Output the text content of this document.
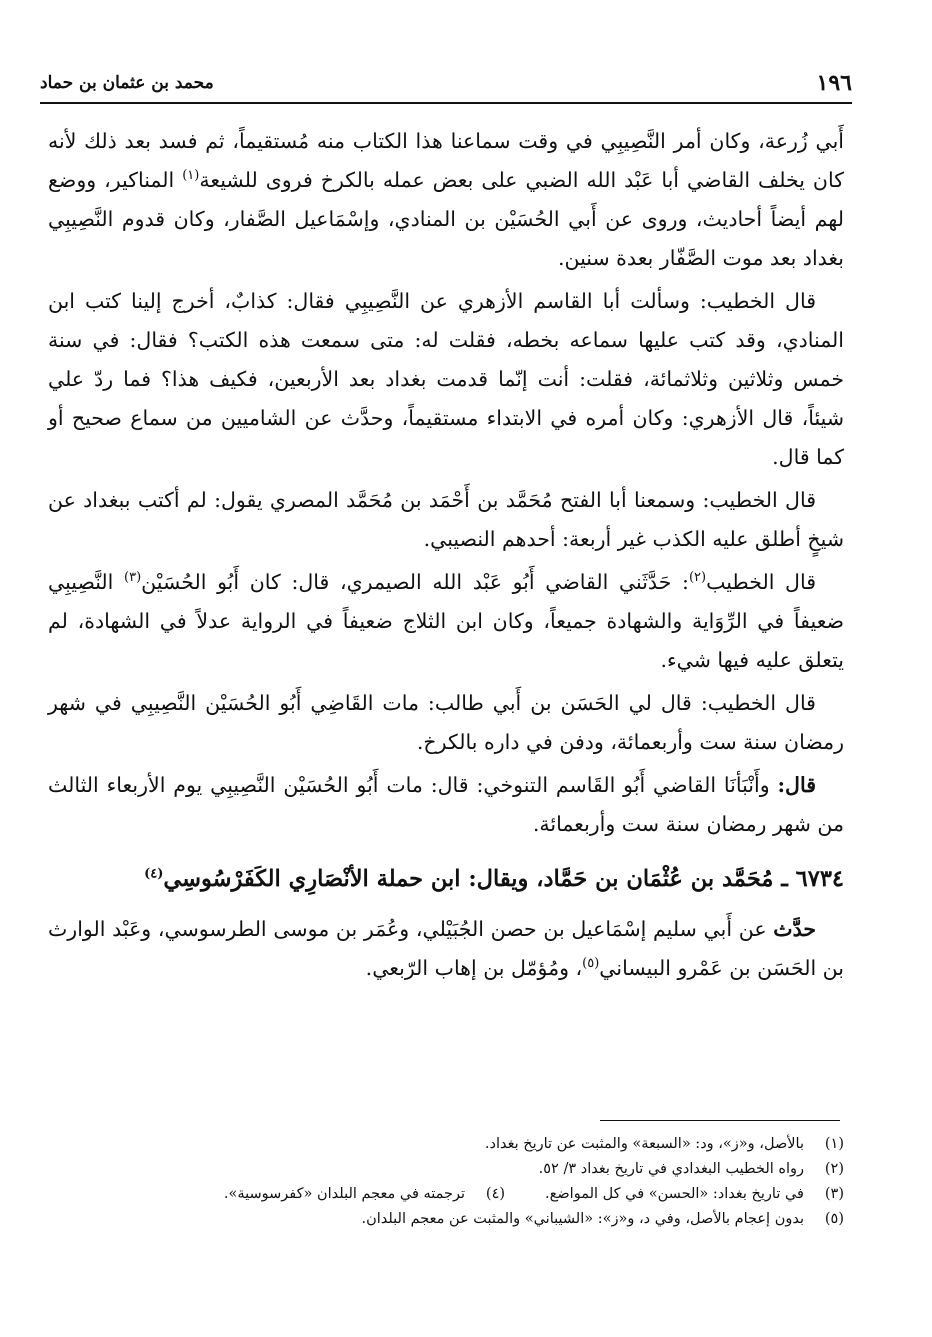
١٩٦
محمد بن عثمان بن حماد

أَبي زُرعة، وكان أمر النَّصِيبِي في وقت سماعنا هذا الكتاب منه مُستقيماً، ثم فسد بعد ذلك لأنه كان يخلف القاضي أبا عَبْد الله الضبي على بعض عمله بالكرخ فروى للشيعة$^{(١)}$ المناكير، ووضع لهم أيضاً أحاديث، وروى عن أَبي الحُسَيْن بن المنادي، وإسْمَاعيل الصَّفار، وكان قدوم النَّصِيبِي بغداد بعد موت الصَّفّار بعدة سنين.

قال الخطيب: وسألت أبا القاسم الأزهري عن النَّصِيبِي فقال: كذابٌ، أخرج إلينا كتب ابن المنادي، وقد كتب عليها سماعه بخطه، فقلت له: متى سمعت هذه الكتب؟ فقال: في سنة خمس وثلاثين وثلاثمائة، فقلت: أنت إنّما قدمت بغداد بعد الأربعين، فكيف هذا؟ فما ردّ علي شيئاً، قال الأزهري: وكان أمره في الابتداء مستقيماً، وحدَّث عن الشاميين من سماع صحيح أو كما قال.

قال الخطيب: وسمعنا أبا الفتح مُحَمَّد بن أَحْمَد بن مُحَمَّد المصري يقول: لم أكتب ببغداد عن شيخٍ أطلق عليه الكذب غير أربعة: أحدهم النصيبي.

قال الخطيب$^{(٢)}$: حَدَّثَني القاضي أَبُو عَبْد الله الصيمري، قال: كان أَبُو الحُسَيْن$^{(٣)}$ النَّصِيبِي ضعيفاً في الرِّوَاية والشهادة جميعاً، وكان ابن الثلاج ضعيفاً في الرواية عدلاً في الشهادة، لم يتعلق عليه فيها شيء.

قال الخطيب: قال لي الحَسَن بن أَبي طالب: مات القَاضِي أَبُو الحُسَيْن النَّصِيبِي في شهر رمضان سنة ست وأربعمائة، ودفن في داره بالكرخ.

قال: وأَنْبَأنَا القاضي أَبُو القَاسم التنوخي: قال: مات أَبُو الحُسَيْن النَّصِيبِي يوم الأربعاء الثالث من شهر رمضان سنة ست وأربعمائة.

٦٧٣٤ ـ مُحَمَّد بن عُثْمَان بن حَمَّاد، ويقال: ابن حملة الأنْصَارِي الكَفَرْسُوسِي$^{(٤)}$

حدَّث عن أَبي سليم إسْمَاعيل بن حصن الجُبَيْلي، وعُمَر بن موسى الطرسوسي، وعَبْد الوارث بن الحَسَن بن عَمْرو البيساني$^{(٥)}$، ومُؤمّل بن إهاب الرّبعي.

(١)
بالأصل، و«ز»، ود: «السبعة» والمثبت عن تاريخ بغداد.
(٢)
رواه الخطيب البغدادي في تاريخ بغداد ٣/ ٥٢.
(٣)
في تاريخ بغداد: «الحسن» في كل المواضع.
(٤)
ترجمته في معجم البلدان «كفرسوسية».
(٥)
بدون إعجام بالأصل، وفي د، و«ز»: «الشيباني» والمثبت عن معجم البلدان.
